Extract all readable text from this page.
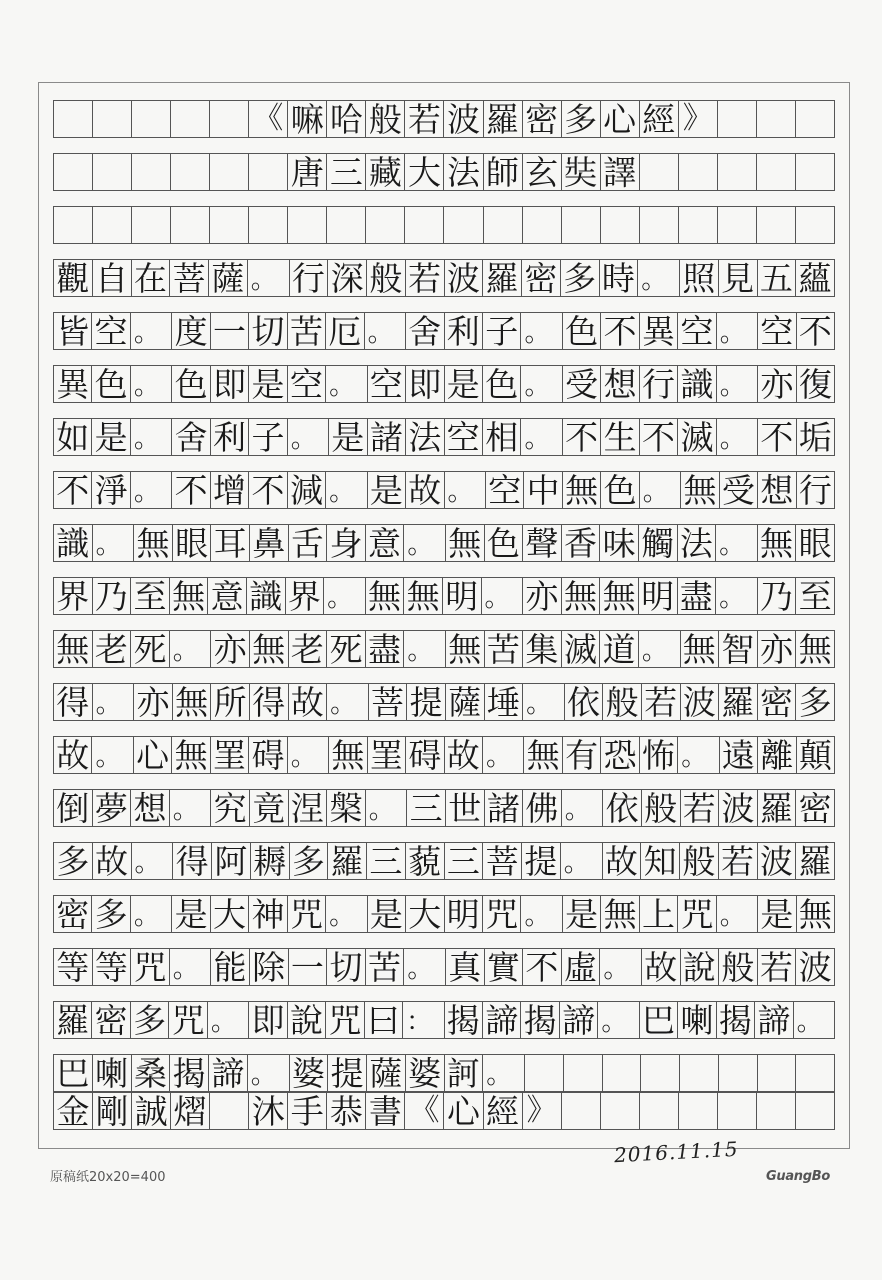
《 嘛 哈 般 若 波 羅 密 多 心 經 》
唐 三 藏 大 法 師 玄 奘 譯
觀 自 在 菩 薩 。 行 深 般 若 波 羅 密 多 時 。 照 見 五 蘊
皆 空 。 度 一 切 苦 厄 。 舍 利 子 。 色 不 異 空 。 空 不
異 色 。 色 即 是 空 。 空 即 是 色 。 受 想 行 識 。 亦 復
如 是 。 舍 利 子 。 是 諸 法 空 相 。 不 生 不 滅 。 不 垢
不 淨 。 不 增 不 減 。 是 故 。 空 中 無 色 。 無 受 想 行
識 。 無 眼 耳 鼻 舌 身 意 。 無 色 聲 香 味 觸 法 。 無 眼
界 乃 至 無 意 識 界 。 無 無 明 。 亦 無 無 明 盡 。 乃 至
無 老 死 。 亦 無 老 死 盡 。 無 苦 集 滅 道 。 無 智 亦 無
得 。 亦 無 所 得 故 。 菩 提 薩 埵 。 依 般 若 波 羅 密 多
故 。 心 無 罣 碍 。 無 罣 碍 故 。 無 有 恐 怖 。 遠 離 顛
倒 夢 想 。 究 竟 涅 槃 。 三 世 諸 佛 。 依 般 若 波 羅 密
多 故 。 得 阿 耨 多 羅 三 藐 三 菩 提 。 故 知 般 若 波 羅
密 多 。 是 大 神 咒 。 是 大 明 咒 。 是 無 上 咒 。 是 無
等 等 咒 。 能 除 一 切 苦 。 真 實 不 虛 。 故 說 般 若 波
羅 密 多 咒 。 即 說 咒 曰 ： 揭 諦 揭 諦 。 巴 喇 揭 諦 。
巴 喇 桑 揭 諦 。 婆 提 薩 婆 訶 。
金 剛 誠 熠 沐 手 恭 書 《 心 經 》
原稿纸20x20=400
2016.11.15
GuangBo
